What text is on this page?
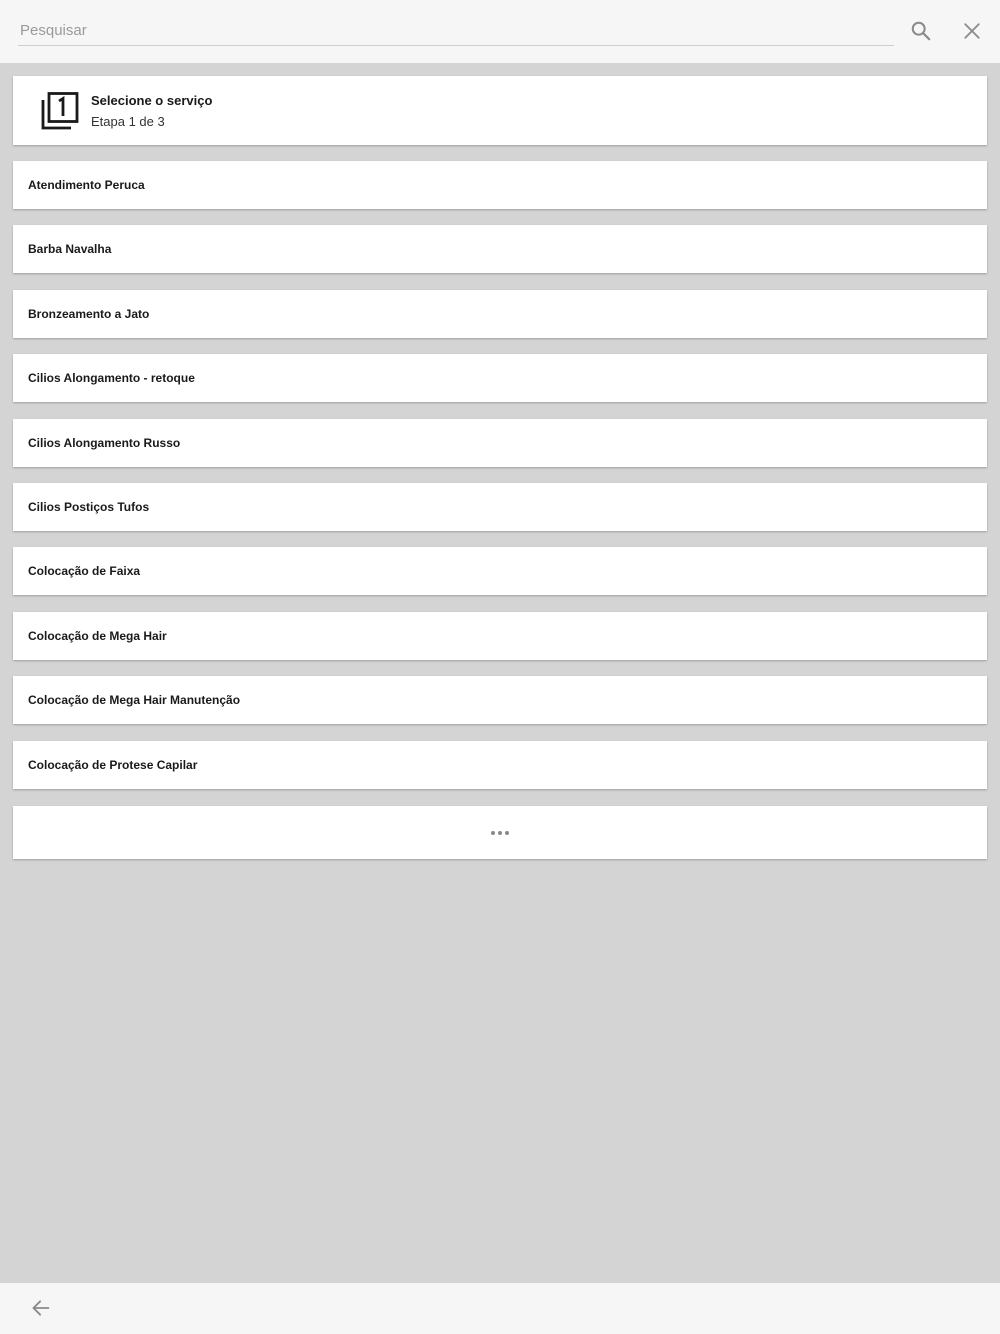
Pesquisar
Selecione o serviço
Etapa 1 de 3
Atendimento Peruca
Barba Navalha
Bronzeamento a Jato
Cilios Alongamento - retoque
Cilios Alongamento Russo
Cilios Postiços Tufos
Colocação de Faixa
Colocação de Mega Hair
Colocação de Mega Hair Manutenção
Colocação de Protese Capilar
